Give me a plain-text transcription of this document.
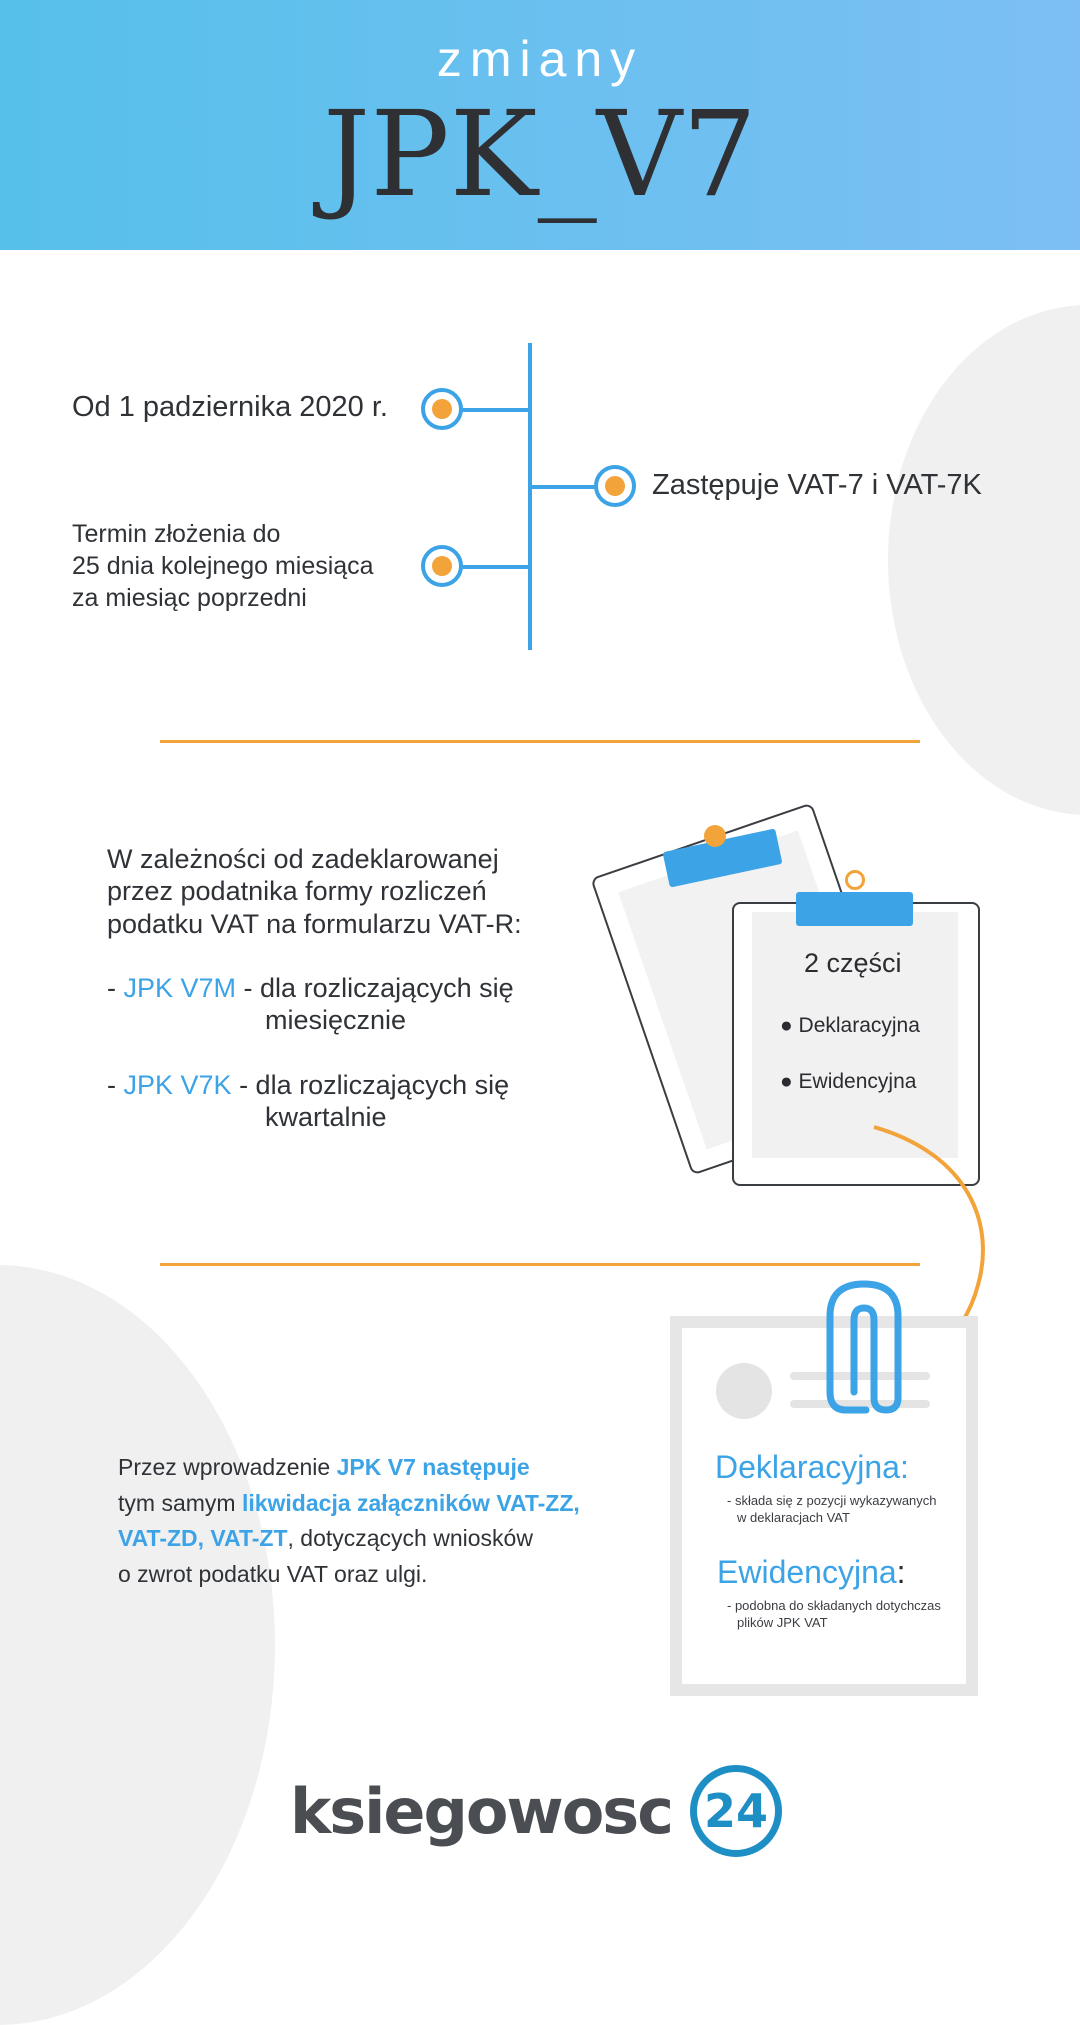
zmiany
JPK_V7
Od 1 padziernika 2020 r.
Zastępuje VAT-7 i VAT-7K
Termin złożenia do
25 dnia kolejnego miesiąca
za miesiąc poprzedni
W zależności od zadeklarowanej
przez podatnika formy rozliczeń
podatku VAT na formularzu VAT-R:
- JPK V7M - dla rozliczających się
miesięcznie
- JPK V7K - dla rozliczających się
kwartalnie
2 części
● Deklaracyjna
● Ewidencyjna
Deklaracyjna:
- składa się z pozycji wykazywanych
w deklaracjach VAT
Ewidencyjna:
- podobna do składanych dotychczas
plików JPK VAT
Przez wprowadzenie JPK V7 następuje
tym samym likwidacja załączników VAT-ZZ,
VAT-ZD, VAT-ZT, dotyczących wniosków
o zwrot podatku VAT oraz ulgi.
ksiegowosc 24
